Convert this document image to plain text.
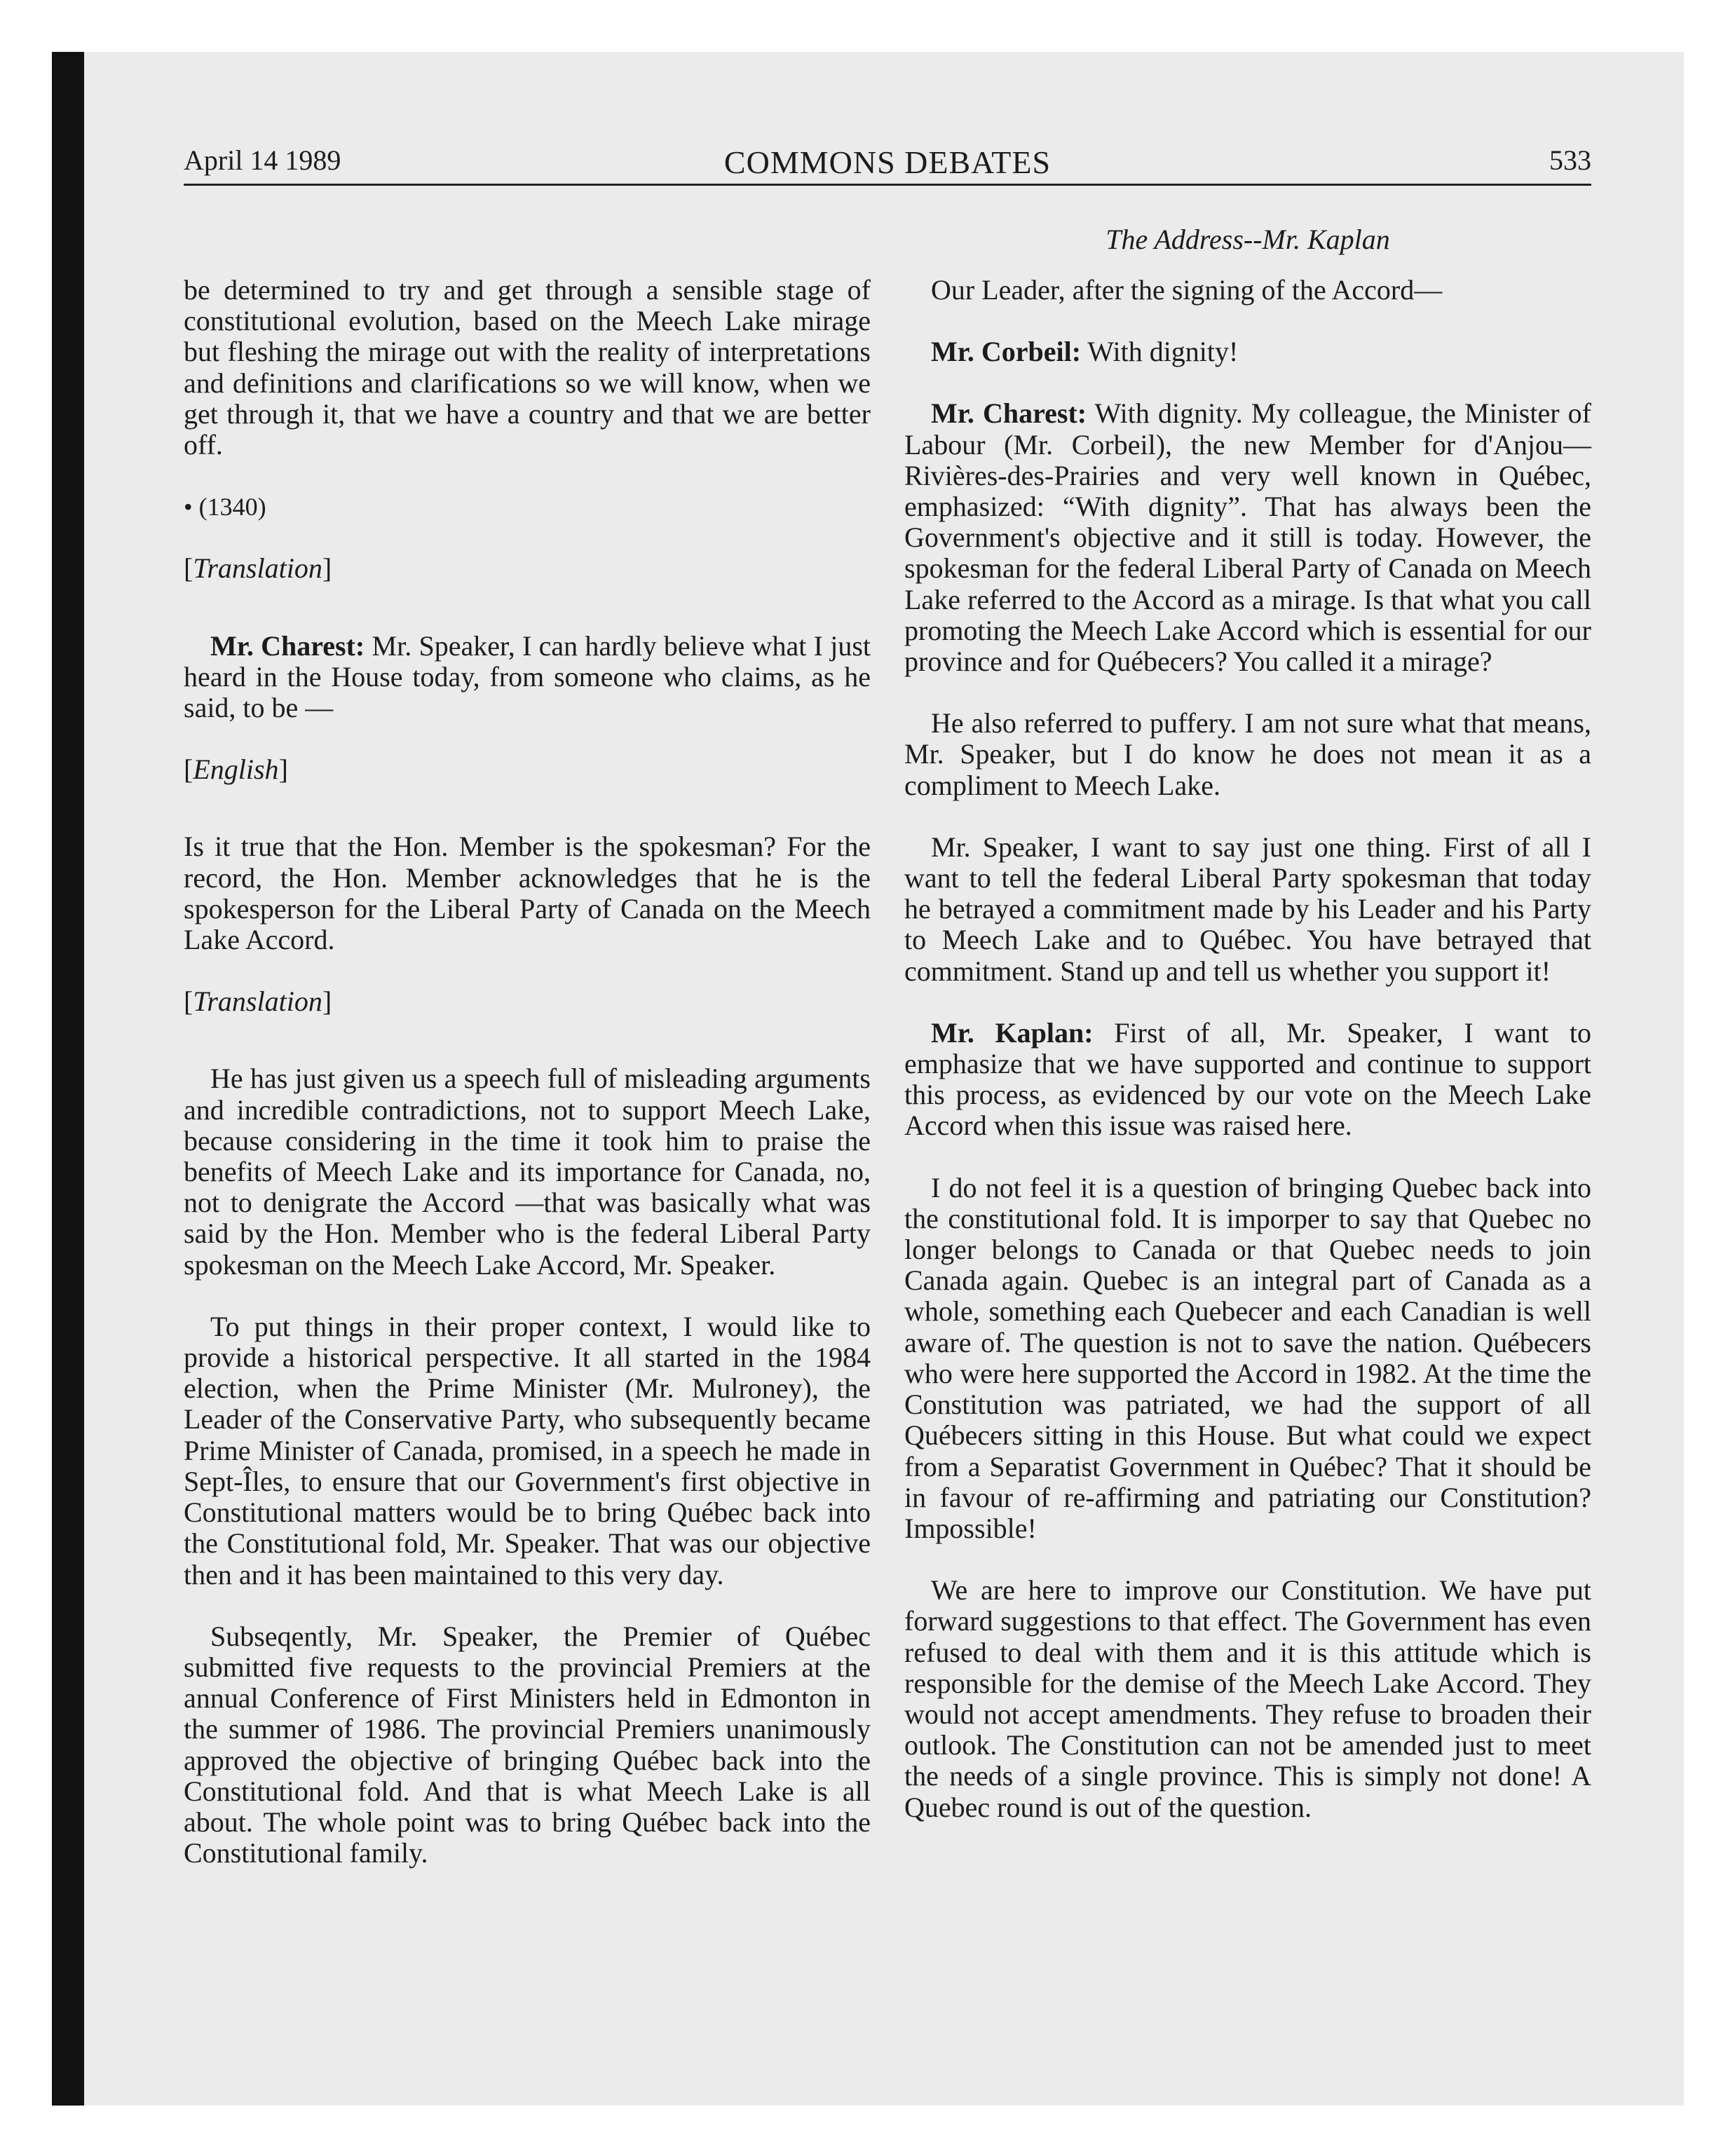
April 14 1989	COMMONS DEBATES	533
The Address--Mr. Kaplan

be determined to try and get through a sensible stage of constitutional evolution, based on the Meech Lake mirage but fleshing the mirage out with the reality of interpretations and definitions and clarifications so we will know, when we get through it, that we have a country and that we are better off.

• (1340)
[Translation]

Mr. Charest: Mr. Speaker, I can hardly believe what I just heard in the House today, from someone who claims, as he said, to be —

[English]

Is it true that the Hon. Member is the spokesman? For the record, the Hon. Member acknowledges that he is the spokesperson for the Liberal Party of Canada on the Meech Lake Accord.

[Translation]

He has just given us a speech full of misleading arguments and incredible contradictions, not to support Meech Lake, because considering in the time it took him to praise the benefits of Meech Lake and its importance for Canada, no, not to denigrate the Accord —that was basically what was said by the Hon. Member who is the federal Liberal Party spokesman on the Meech Lake Accord, Mr. Speaker.

To put things in their proper context, I would like to provide a historical perspective. It all started in the 1984 election, when the Prime Minister (Mr. Mulroney), the Leader of the Conservative Party, who subsequently became Prime Minister of Canada, promised, in a speech he made in Sept-Îles, to ensure that our Government's first objective in Constitutional matters would be to bring Québec back into the Constitutional fold, Mr. Speaker. That was our objective then and it has been maintained to this very day.

Subseqently, Mr. Speaker, the Premier of Québec submitted five requests to the provincial Premiers at the annual Conference of First Ministers held in Edmonton in the summer of 1986. The provincial Premiers unanimously approved the objective of bringing Québec back into the Constitutional fold. And that is what Meech Lake is all about. The whole point was to bring Québec back into the Constitutional family.

Our Leader, after the signing of the Accord—

Mr. Corbeil: With dignity!

Mr. Charest: With dignity. My colleague, the Minister of Labour (Mr. Corbeil), the new Member for d'Anjou—Rivières-des-Prairies and very well known in Québec, emphasized: “With dignity”. That has always been the Government's objective and it still is today. However, the spokesman for the federal Liberal Party of Canada on Meech Lake referred to the Accord as a mirage. Is that what you call promoting the Meech Lake Accord which is essential for our province and for Québecers? You called it a mirage?

He also referred to puffery. I am not sure what that means, Mr. Speaker, but I do know he does not mean it as a compliment to Meech Lake.

Mr. Speaker, I want to say just one thing. First of all I want to tell the federal Liberal Party spokesman that today he betrayed a commitment made by his Leader and his Party to Meech Lake and to Québec. You have betrayed that commitment. Stand up and tell us whether you support it!

Mr. Kaplan: First of all, Mr. Speaker, I want to emphasize that we have supported and continue to support this process, as evidenced by our vote on the Meech Lake Accord when this issue was raised here.

I do not feel it is a question of bringing Quebec back into the constitutional fold. It is imporper to say that Quebec no longer belongs to Canada or that Quebec needs to join Canada again. Quebec is an integral part of Canada as a whole, something each Quebecer and each Canadian is well aware of. The question is not to save the nation. Québecers who were here supported the Accord in 1982. At the time the Constitution was patriated, we had the support of all Québecers sitting in this House. But what could we expect from a Separatist Government in Québec? That it should be in favour of re-affirming and patriating our Constitution? Impossible!

We are here to improve our Constitution. We have put forward suggestions to that effect. The Government has even refused to deal with them and it is this attitude which is responsible for the demise of the Meech Lake Accord. They would not accept amendments. They refuse to broaden their outlook. The Constitution can not be amended just to meet the needs of a single province. This is simply not done! A Quebec round is out of the question.
